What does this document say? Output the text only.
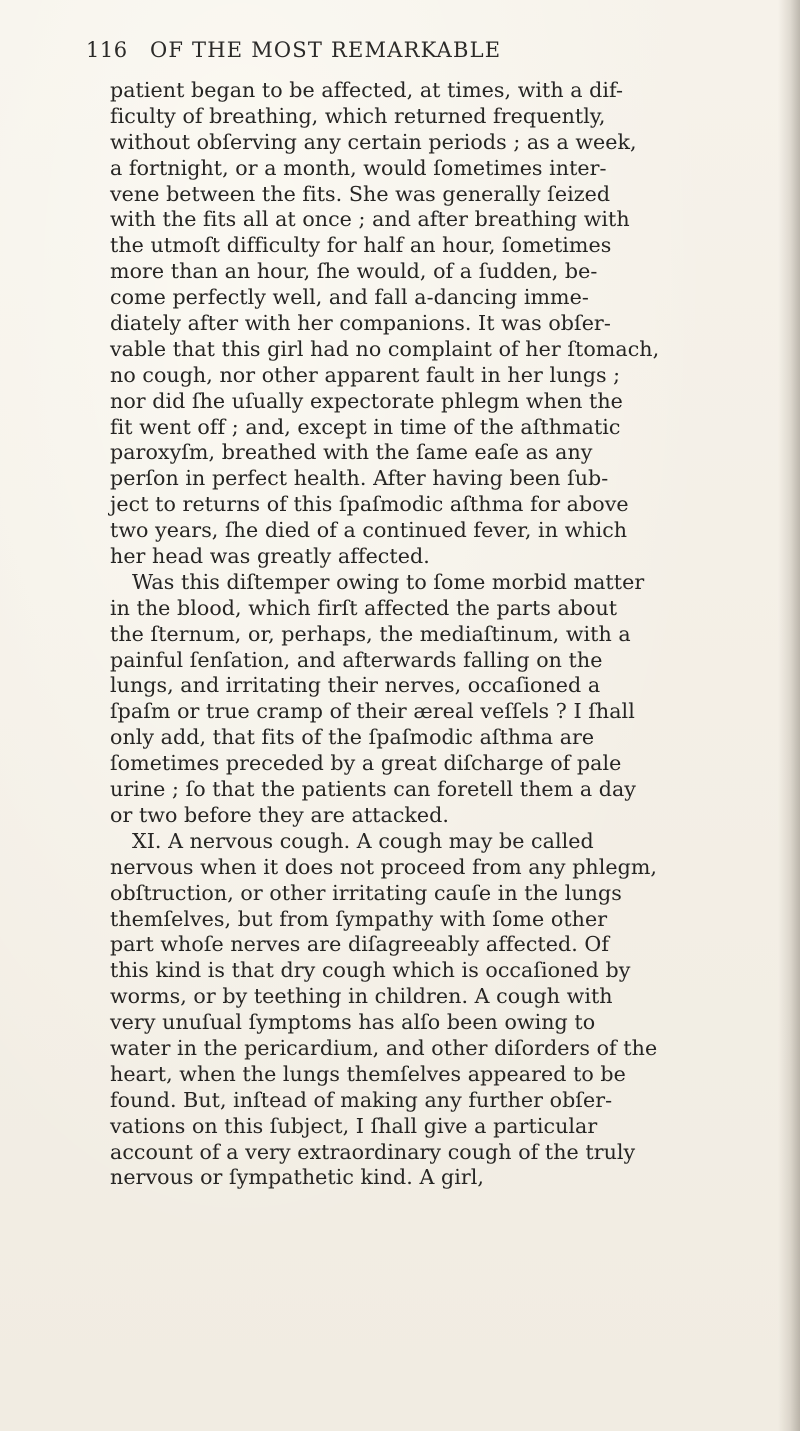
116 OF THE MOST REMARKABLE
patient began to be affected, at times, with a dif-
ficulty of breathing, which returned frequently,
without obſerving any certain periods ; as a week,
a fortnight, or a month, would ſometimes inter-
vene between the fits. She was generally ſeized
with the fits all at once ; and after breathing with
the utmoſt difficulty for half an hour, ſometimes
more than an hour, ſhe would, of a ſudden, be-
come perfectly well, and fall a-dancing imme-
diately after with her companions. It was obſer-
vable that this girl had no complaint of her ſtomach,
no cough, nor other apparent fault in her lungs ;
nor did ſhe uſually expectorate phlegm when the
fit went off ; and, except in time of the aſthmatic
paroxyſm, breathed with the ſame eaſe as any
perſon in perfect health. After having been ſub-
ject to returns of this ſpaſmodic aſthma for above
two years, ſhe died of a continued fever, in which
her head was greatly affected.
Was this diſtemper owing to ſome morbid matter
in the blood, which firſt affected the parts about
the ſternum, or, perhaps, the mediaſtinum, with a
painful ſenſation, and afterwards falling on the
lungs, and irritating their nerves, occaſioned a
ſpaſm or true cramp of their æreal veſſels ? I ſhall
only add, that fits of the ſpaſmodic aſthma are
ſometimes preceded by a great diſcharge of pale
urine ; ſo that the patients can foretell them a day
or two before they are attacked.
XI. A nervous cough. A cough may be called
nervous when it does not proceed from any phlegm,
obſtruction, or other irritating cauſe in the lungs
themſelves, but from ſympathy with ſome other
part whoſe nerves are diſagreeably affected. Of
this kind is that dry cough which is occaſioned by
worms, or by teething in children. A cough with
very unuſual ſymptoms has alſo been owing to
water in the pericardium, and other diſorders of the
heart, when the lungs themſelves appeared to be
found. But, inſtead of making any further obſer-
vations on this ſubject, I ſhall give a particular
account of a very extraordinary cough of the truly
nervous or ſympathetic kind. A girl,
